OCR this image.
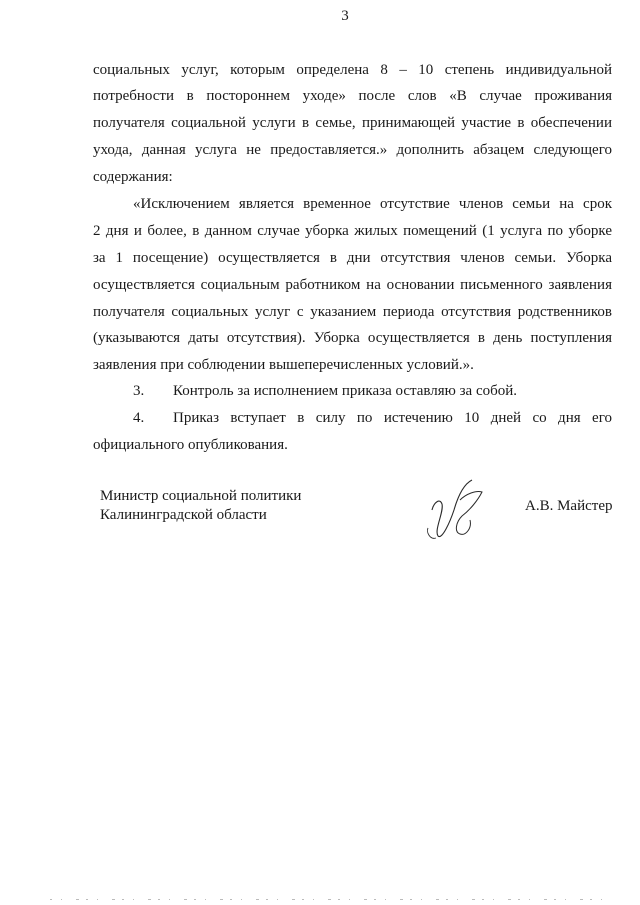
3
социальных услуг, которым определена 8 – 10 степень индивидуальной
потребности в постороннем уходе» после слов «В случае проживания
получателя социальной услуги в семье, принимающей участие в обеспечении
ухода, данная услуга не предоставляется.» дополнить абзацем следующего
содержания:
«Исключением является временное отсутствие членов семьи на срок
2 дня и более, в данном случае уборка жилых помещений (1 услуга по уборке
за 1 посещение) осуществляется в дни отсутствия членов семьи. Уборка
осуществляется социальным работником на основании письменного заявления
получателя социальных услуг с указанием периода отсутствия родственников
(указываются даты отсутствия). Уборка осуществляется в день поступления
заявления при соблюдении вышеперечисленных условий.».
3. Контроль за исполнением приказа оставляю за собой.
4. Приказ вступает в силу по истечению 10 дней со дня его
официального опубликования.
Министр социальной политики
Калининградской области
А.В. Майстер
